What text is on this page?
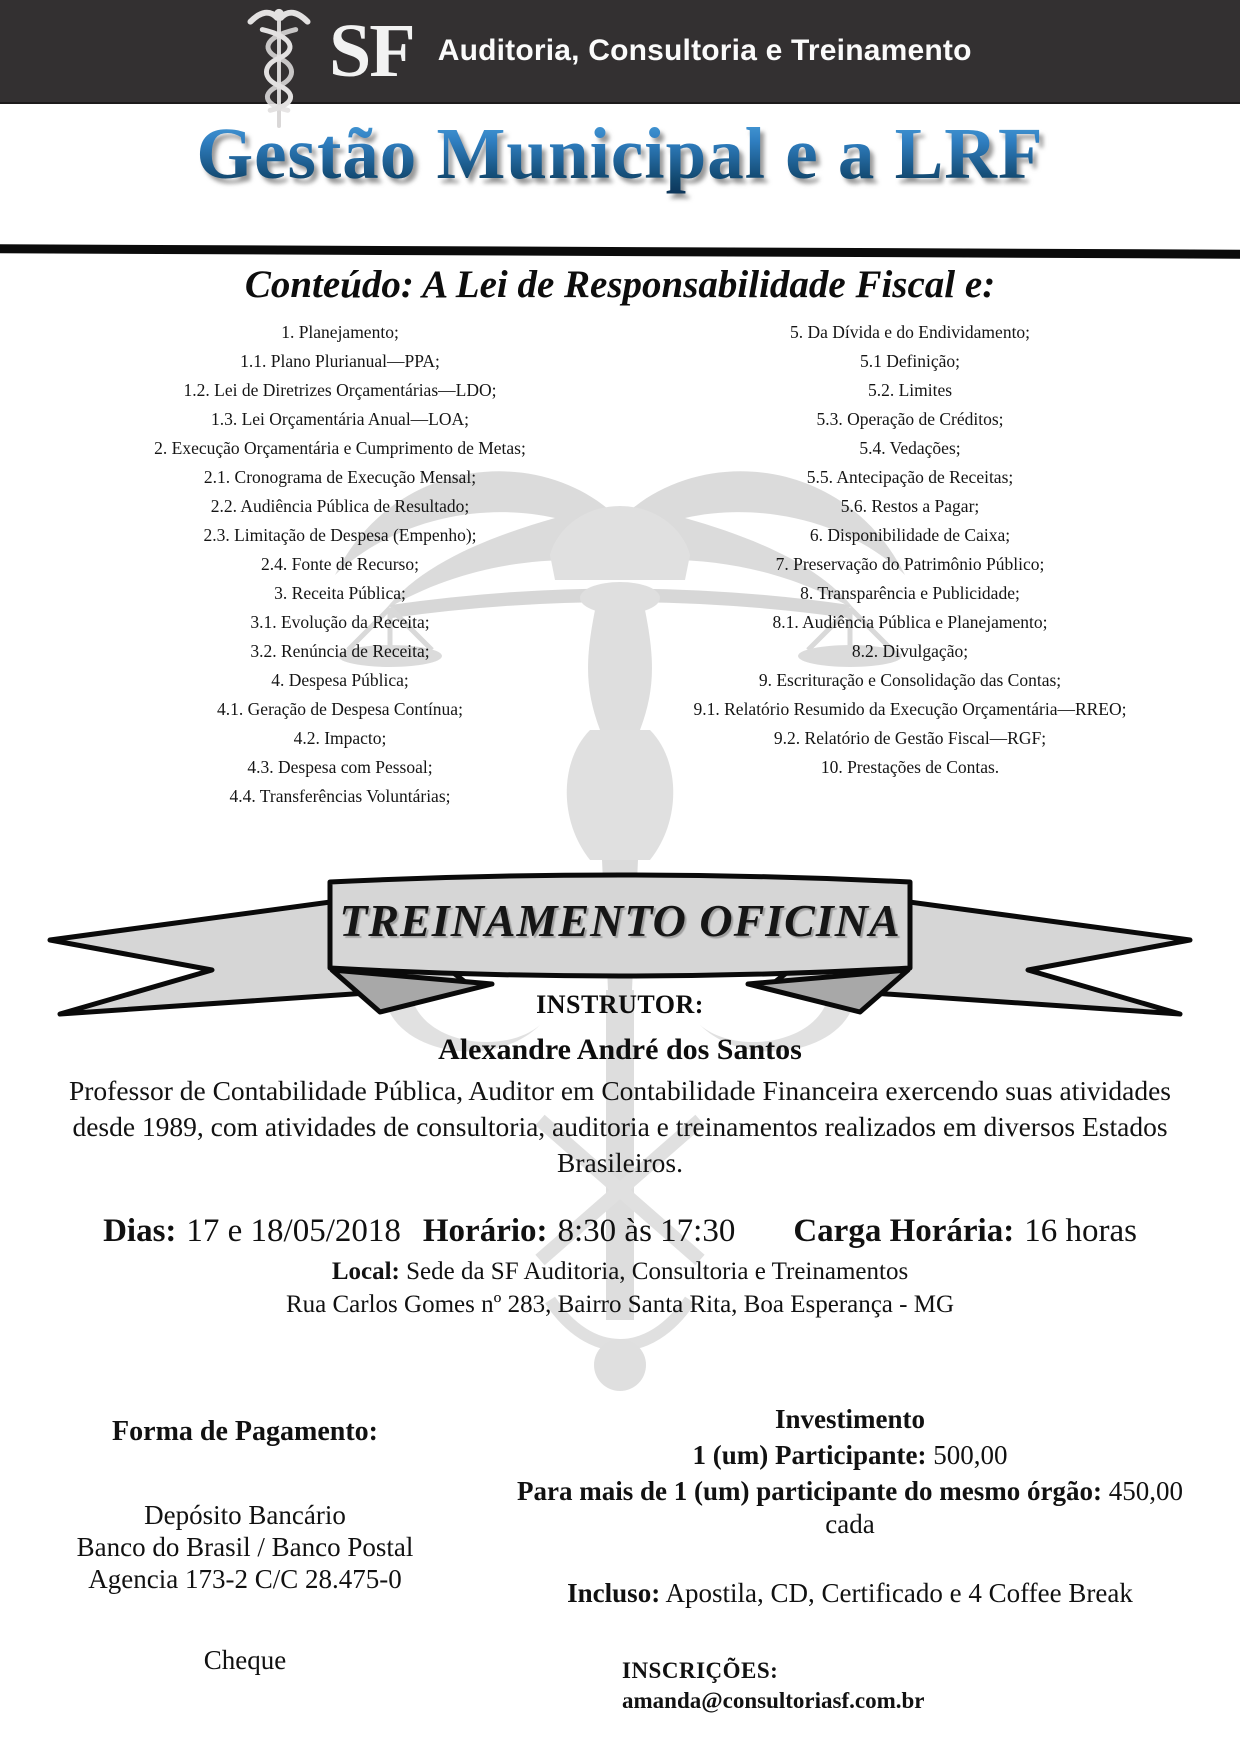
SF Auditoria, Consultoria e Treinamento
Gestão Municipal e a LRF
Conteúdo: A Lei de Responsabilidade Fiscal e:
1. Planejamento;
1.1. Plano Plurianual—PPA;
1.2. Lei de Diretrizes Orçamentárias—LDO;
1.3. Lei Orçamentária Anual—LOA;
2. Execução Orçamentária e Cumprimento de Metas;
2.1. Cronograma de Execução Mensal;
2.2. Audiência Pública de Resultado;
2.3. Limitação de Despesa (Empenho);
2.4. Fonte de Recurso;
3. Receita Pública;
3.1. Evolução da Receita;
3.2. Renúncia de Receita;
4. Despesa Pública;
4.1. Geração de Despesa Contínua;
4.2. Impacto;
4.3. Despesa com Pessoal;
4.4. Transferências Voluntárias;
5. Da Dívida e do Endividamento;
5.1 Definição;
5.2. Limites
5.3. Operação de Créditos;
5.4. Vedações;
5.5. Antecipação de Receitas;
5.6. Restos a Pagar;
6. Disponibilidade de Caixa;
7. Preservação do Patrimônio Público;
8. Transparência e Publicidade;
8.1. Audiência Pública e Planejamento;
8.2. Divulgação;
9. Escrituração e Consolidação das Contas;
9.1. Relatório Resumido da Execução Orçamentária—RREO;
9.2. Relatório de Gestão Fiscal—RGF;
10. Prestações de Contas.
TREINAMENTO OFICINA
INSTRUTOR:
Alexandre André dos Santos

Professor de Contabilidade Pública, Auditor em Contabilidade Financeira exercendo suas atividades desde 1989, com atividades de consultoria, auditoria e treinamentos realizados em diversos Estados Brasileiros.

Dias: 17 e 18/05/2018 Horário: 8:30 às 17:30 Carga Horária: 16 horas
Local: Sede da SF Auditoria, Consultoria e Treinamentos
Rua Carlos Gomes nº 283, Bairro Santa Rita, Boa Esperança - MG
Forma de Pagamento:
Depósito Bancário
Banco do Brasil / Banco Postal
Agencia 173-2 C/C 28.475-0
Cheque
Investimento
1 (um) Participante: 500,00
Para mais de 1 (um) participante do mesmo órgão: 450,00
cada
Incluso: Apostila, CD, Certificado e 4 Coffee Break
INSCRIÇÕES:
amanda@consultoriasf.com.br
